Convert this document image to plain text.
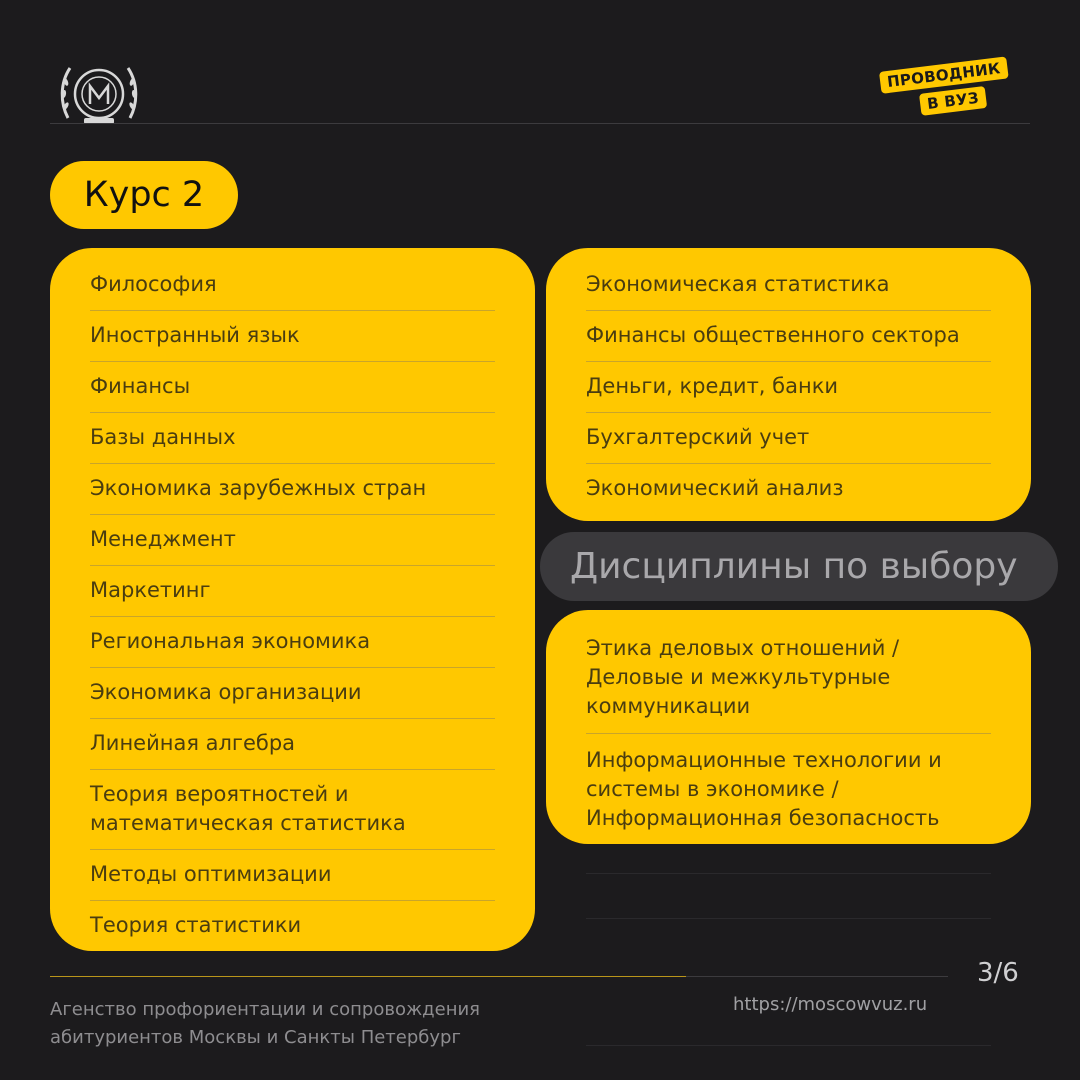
ПРОВОДНИК
В ВУЗ
Курс 2
Философия
Иностранный язык
Финансы
Базы данных
Экономика зарубежных стран
Менеджмент
Маркетинг
Региональная экономика
Экономика организации
Линейная алгебра
Теория вероятностей и математическая статистика
Методы оптимизации
Теория статистики
Экономическая статистика
Финансы общественного сектора
Деньги, кредит, банки
Бухгалтерский учет
Экономический анализ
Дисциплины по выбору
Этика деловых отношений / Деловые и межкультурные коммуникации
Информационные технологии и системы в экономике / Информационная безопасность
3/6
Агенство профориентации и сопровождения абитуриентов Москвы и Санкты Петербург
https://moscowvuz.ru
